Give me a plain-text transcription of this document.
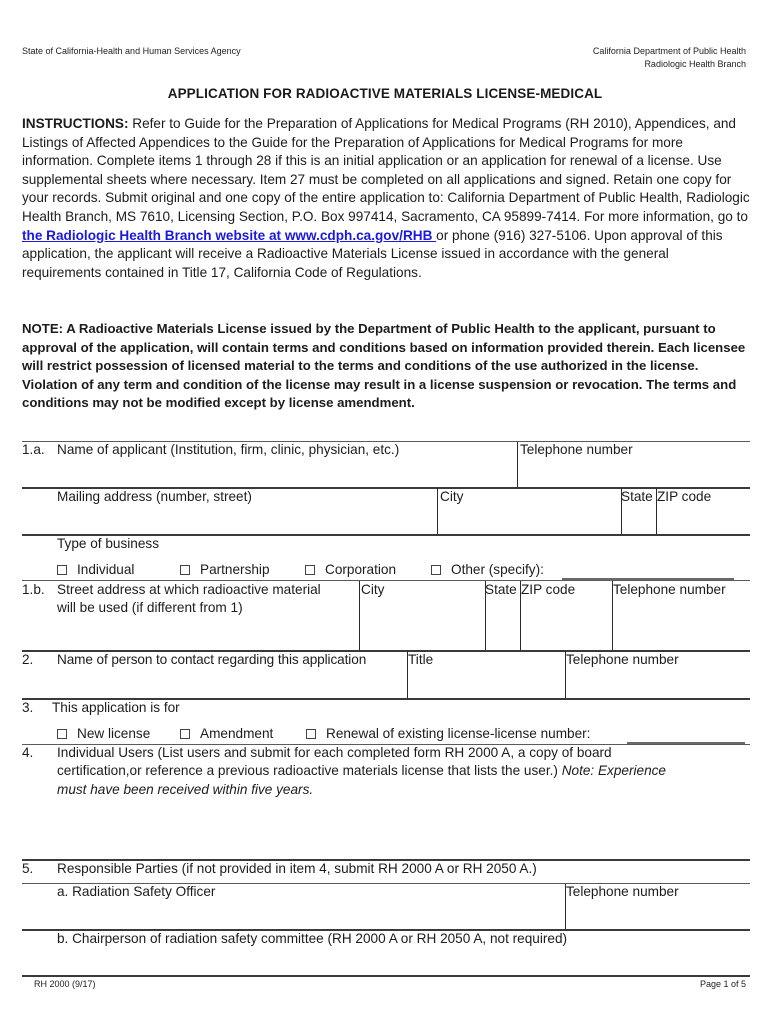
State of California-Health and Human Services Agency	California Department of Public Health
Radiologic Health Branch
APPLICATION FOR RADIOACTIVE MATERIALS LICENSE-MEDICAL
INSTRUCTIONS: Refer to Guide for the Preparation of Applications for Medical Programs (RH 2010), Appendices, and Listings of Affected Appendices to the Guide for the Preparation of Applications for Medical Programs for more information. Complete items 1 through 28 if this is an initial application or an application for renewal of a license. Use supplemental sheets where necessary. Item 27 must be completed on all applications and signed. Retain one copy for your records. Submit original and one copy of the entire application to: California Department of Public Health, Radiologic Health Branch, MS 7610, Licensing Section, P.O. Box 997414, Sacramento, CA 95899-7414. For more information, go to the Radiologic Health Branch website at www.cdph.ca.gov/RHB or phone (916) 327-5106. Upon approval of this application, the applicant will receive a Radioactive Materials License issued in accordance with the general requirements contained in Title 17, California Code of Regulations.
NOTE: A Radioactive Materials License issued by the Department of Public Health to the applicant, pursuant to approval of the application, will contain terms and conditions based on information provided therein. Each licensee will restrict possession of licensed material to the terms and conditions of the use authorized in the license. Violation of any term and condition of the license may result in a license suspension or revocation. The terms and conditions may not be modified except by license amendment.
1.a. Name of applicant (Institution, firm, clinic, physician, etc.)	Telephone number
Mailing address (number, street)	City	State ZIP code
Type of business
Individual	Partnership	Corporation	Other (specify):
1.b. Street address at which radioactive material
will be used (if different from 1)
City	State ZIP code	Telephone number
2. Name of person to contact regarding this application	Title	Telephone number
3. This application is for
New license	Amendment	Renewal of existing license-license number:
4. Individual Users (List users and submit for each completed form RH 2000 A, a copy of board
certification,or reference a previous radioactive materials license that lists the user.) Note: Experience
must have been received within five years.
5. Responsible Parties (if not provided in item 4, submit RH 2000 A or RH 2050 A.)
a. Radiation Safety Officer	Telephone number
b. Chairperson of radiation safety committee (RH 2000 A or RH 2050 A, not required)
RH 2000 (9/17)	Page 1 of 5
